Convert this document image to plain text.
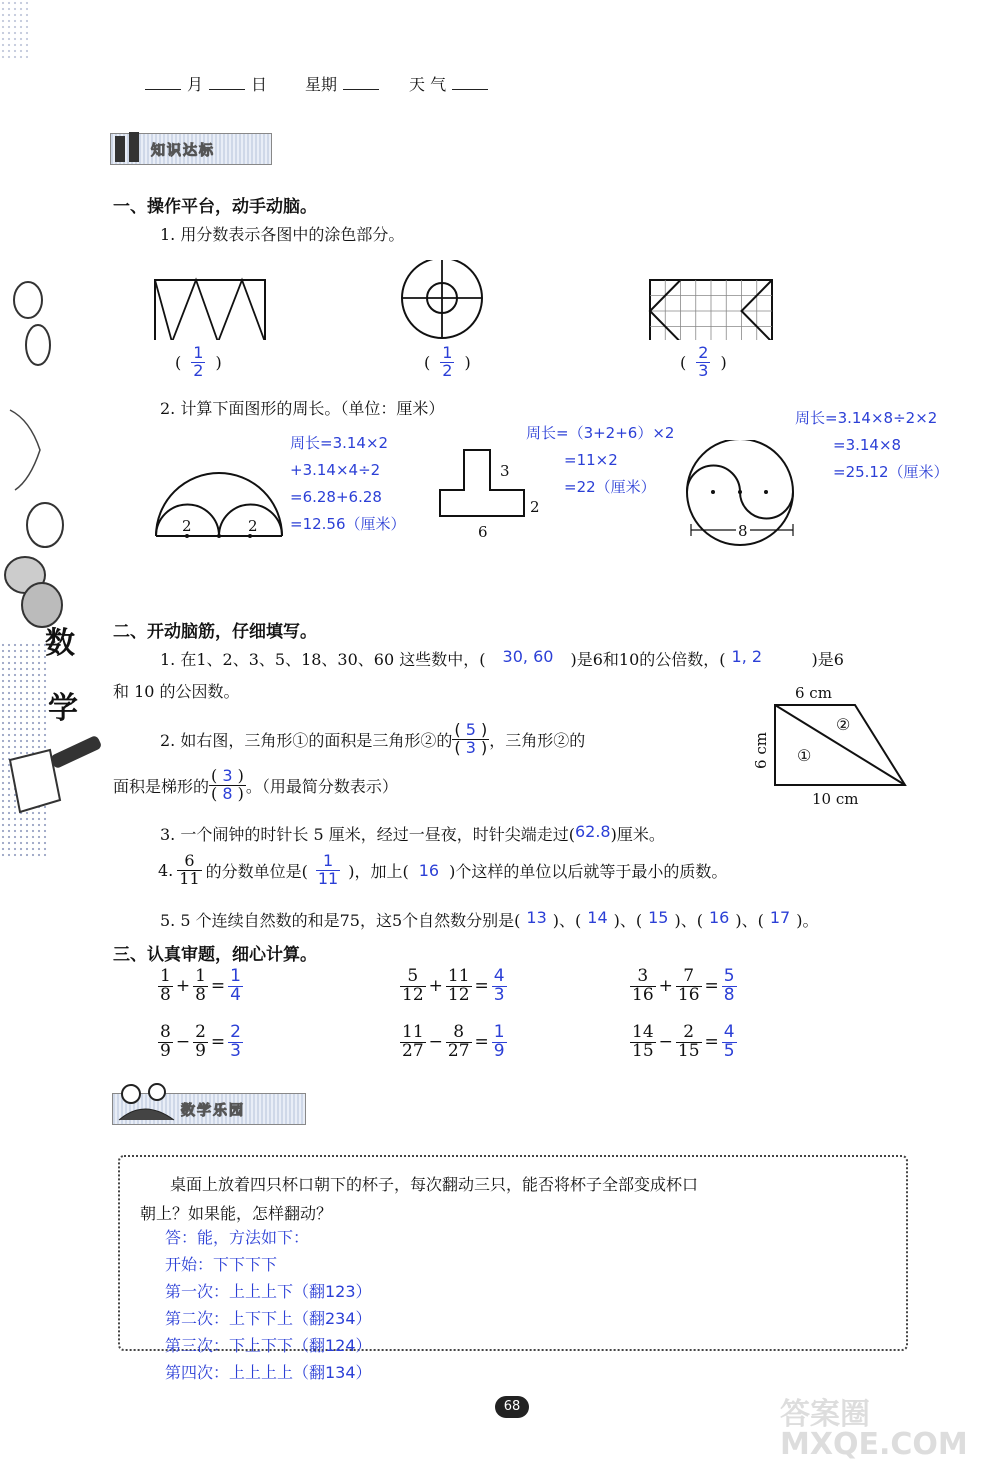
数
学
月	日 星期	天 气
知识达标
一、操作平台，动手动脑。
1. 用分数表示各图中的涂色部分。
( $\frac{1}{2}$ )	( $\frac{1}{2}$ )	( $\frac{2}{3}$ )
2. 计算下面图形的周长。（单位：厘米）
周长=3.14×2
+3.14×4÷2
=6.28+6.28
=12.56（厘米）
周长=（3+2+6）×2
=11×2
=22（厘米）
周长=3.14×8÷2×2
=3.14×8
=25.12（厘米）
2	2
3
2
6	8
二、开动脑筋，仔细填写。
1. 在1、2、3、5、18、30、60 这些数中，(	30, 60	)是6和10的公倍数，( 1, 2	)是6
和 10 的公因数。
2. 如右图，三角形①的面积是三角形②的 $\frac{( 5 )}{( 3 )}$ ，三角形②的
面积是梯形的 $\frac{( 3 )}{( 8 )}$ 。（用最简分数表示）
6 cm
6 cm
10 cm
①
②
3. 一个闹钟的时针长 5 厘米，经过一昼夜，时针尖端走过( 62.8 )厘米。
4. $\frac{6}{11}$ 的分数单位是( $\frac{1}{11}$ )，加上( 16 )个这样的单位以后就等于最小的质数。
5. 5 个连续自然数的和是75，这5个自然数分别是( 13 )、( 14 )、( 15 )、( 16 )、( 17 )。
三、认真审题，细心计算。
$\frac{1}{8} + \frac{1}{8} = \frac{1}{4}$	$\frac{5}{12} + \frac{11}{12} = \frac{4}{3}$	$\frac{3}{16} + \frac{7}{16} = \frac{5}{8}$
$\frac{8}{9} - \frac{2}{9} = \frac{2}{3}$	$\frac{11}{27} - \frac{8}{27} = \frac{1}{9}$	$\frac{14}{15} - \frac{2}{15} = \frac{4}{5}$
数学乐园
桌面上放着四只杯口朝下的杯子，每次翻动三只，能否将杯子全部变成杯口
朝上？如果能，怎样翻动？
答：能，方法如下：
开始：下下下下
第一次：上上上下（翻123）
第二次：上下下上（翻234）
第三次：下上下下（翻124）
第四次：上上上上（翻134）
68	答案圈 MXQE.COM
